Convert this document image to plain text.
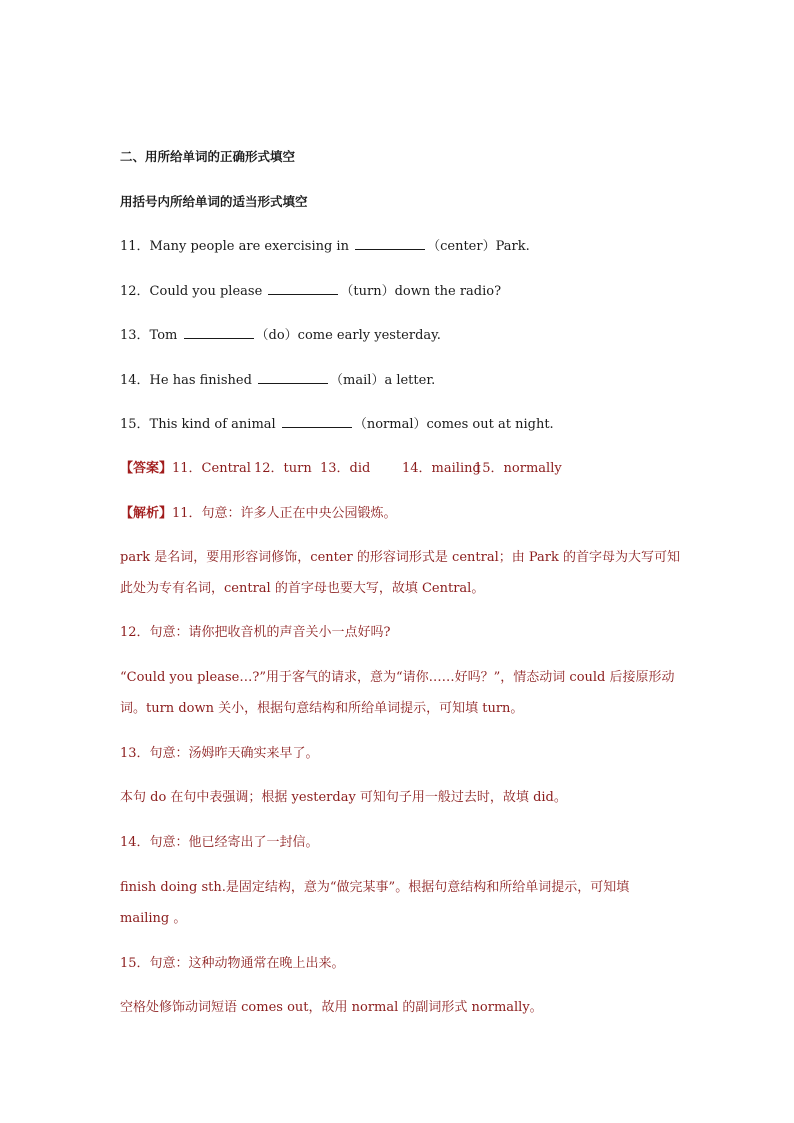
二、用所给单词的正确形式填空
用括号内所给单词的适当形式填空
11．Many people are exercising in	（center）Park.
12．Could you please	（turn）down the radio?
13．Tom	（do）come early yesterday.
14．He has finished	（mail）a letter.
15．This kind of animal	（normal）comes out at night.
【答案】11．Central 12．turn 13．did 14．mailing15．normally
【解析】11．句意：许多人正在中央公园锻炼。
park 是名词，要用形容词修饰，center 的形容词形式是 central；由 Park 的首字母为大写可知
此处为专有名词，central 的首字母也要大写，故填 Central。
12．句意：请你把收音机的声音关小一点好吗?
“Could you please…?”用于客气的请求，意为“请你……好吗？”，情态动词 could 后接原形动
词。turn down 关小，根据句意结构和所给单词提示，可知填 turn。
13．句意：汤姆昨天确实来早了。
本句 do 在句中表强调；根据 yesterday 可知句子用一般过去时，故填 did。
14．句意：他已经寄出了一封信。
finish doing sth.是固定结构，意为“做完某事”。根据句意结构和所给单词提示，可知填
mailing 。
15．句意：这种动物通常在晚上出来。
空格处修饰动词短语 comes out，故用 normal 的副词形式 normally。
